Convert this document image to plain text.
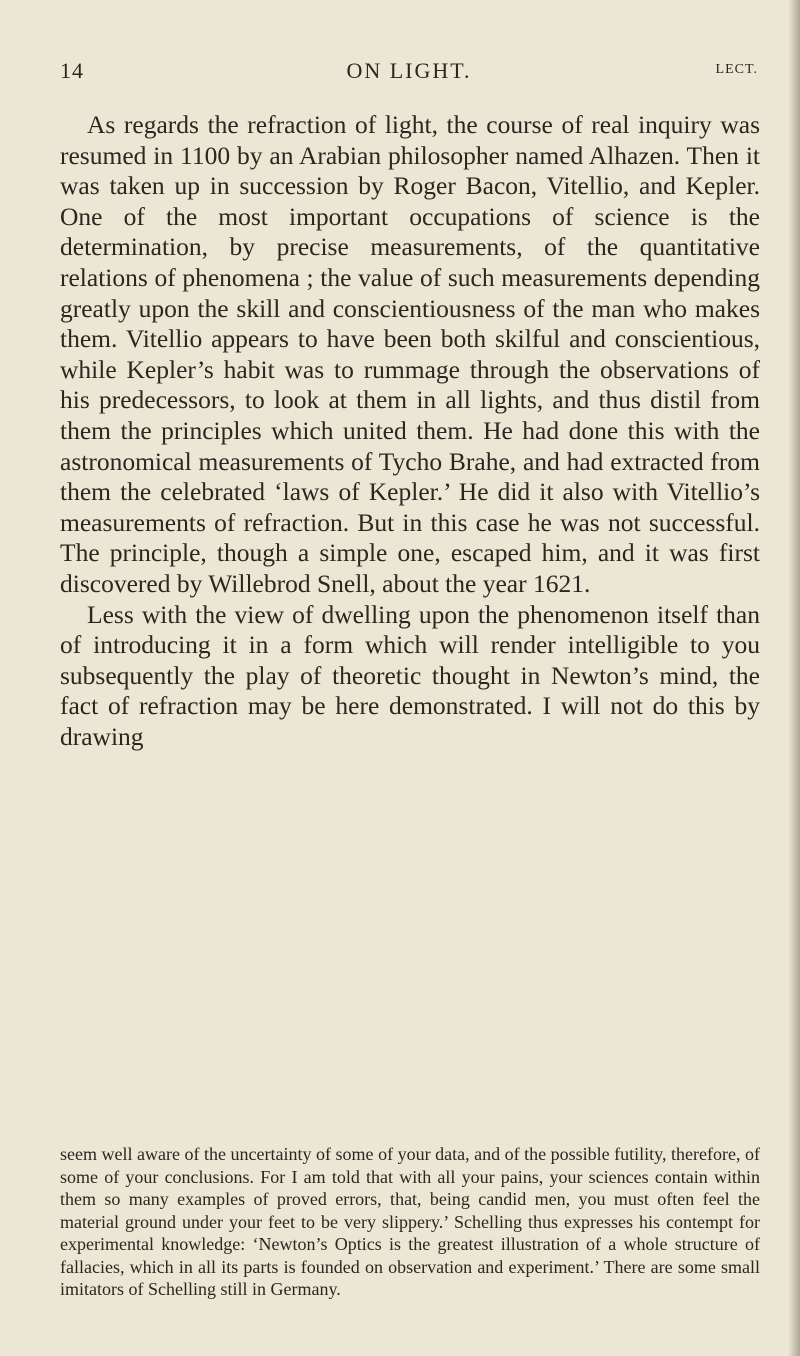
14	ON LIGHT.	LECT.

As regards the refraction of light, the course of real inquiry was resumed in 1100 by an Arabian philosopher named Alhazen. Then it was taken up in succession by Roger Bacon, Vitellio, and Kepler. One of the most important occupations of science is the determination, by precise measurements, of the quantitative relations of phenomena ; the value of such measurements depending greatly upon the skill and conscientiousness of the man who makes them. Vitellio appears to have been both skilful and conscientious, while Kepler’s habit was to rummage through the observations of his predecessors, to look at them in all lights, and thus distil from them the principles which united them. He had done this with the astronomical measurements of Tycho Brahe, and had extracted from them the celebrated ‘laws of Kepler.’ He did it also with Vitellio’s measurements of refraction. But in this case he was not successful. The principle, though a simple one, escaped him, and it was first discovered by Willebrod Snell, about the year 1621.

Less with the view of dwelling upon the phenomenon itself than of introducing it in a form which will render intelligible to you subsequently the play of theoretic thought in Newton’s mind, the fact of refraction may be here demonstrated. I will not do this by drawing

seem well aware of the uncertainty of some of your data, and of the possible futility, therefore, of some of your conclusions. For I am told that with all your pains, your sciences contain within them so many examples of proved errors, that, being candid men, you must often feel the material ground under your feet to be very slippery.’ Schelling thus expresses his contempt for experimental knowledge: ‘Newton’s Optics is the greatest illustration of a whole structure of fallacies, which in all its parts is founded on observation and experiment.’ There are some small imitators of Schelling still in Germany.
